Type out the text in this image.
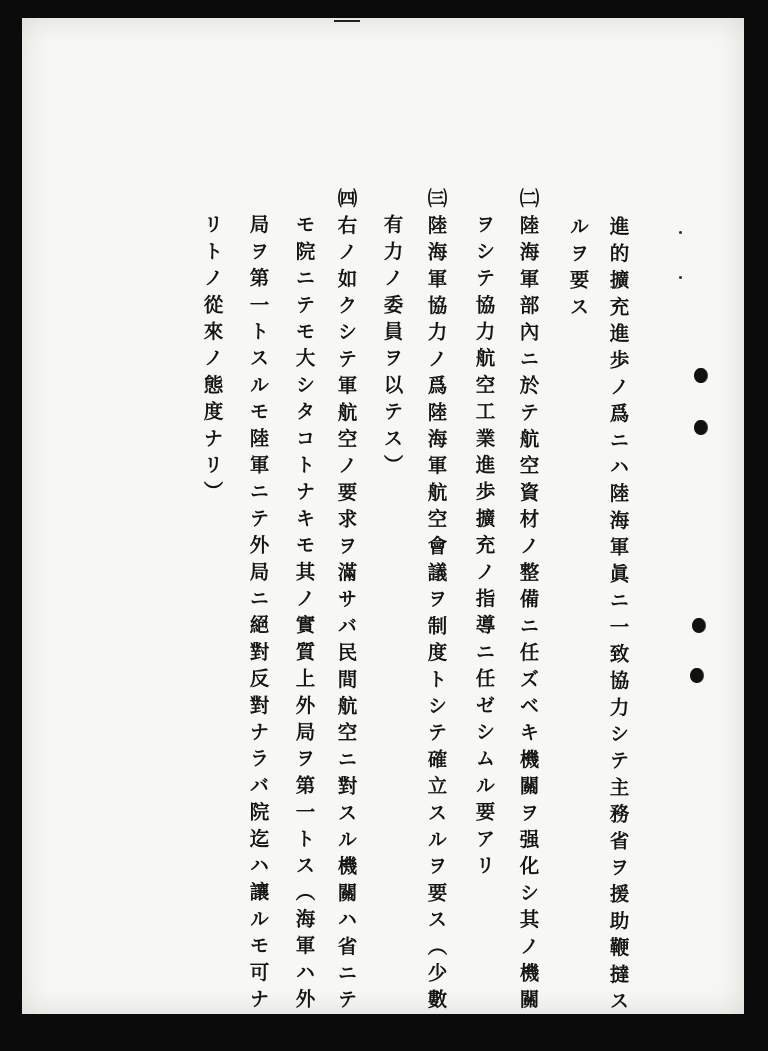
進的擴充進歩ノ爲ニハ陸海軍眞ニ一致協力シテ主務省ヲ援助鞭撻ス
ルヲ要ス
㈡陸海軍部內ニ於テ航空資材ノ整備ニ任ズベキ機關ヲ强化シ其ノ機關
ヲシテ協力航空工業進歩擴充ノ指導ニ任ゼシムル要アリ
㈢陸海軍協力ノ爲陸海軍航空會議ヲ制度トシテ確立スルヲ要ス（少數
有力ノ委員ヲ以テス）
㈣右ノ如クシテ軍航空ノ要求ヲ滿サバ民間航空ニ對スル機關ハ省ニテ
モ院ニテモ大シタコトナキモ其ノ實質上外局ヲ第一トス（海軍ハ外
局ヲ第一トスルモ陸軍ニテ外局ニ絕對反對ナラバ院迄ハ讓ルモ可ナ
リトノ從來ノ態度ナリ）
